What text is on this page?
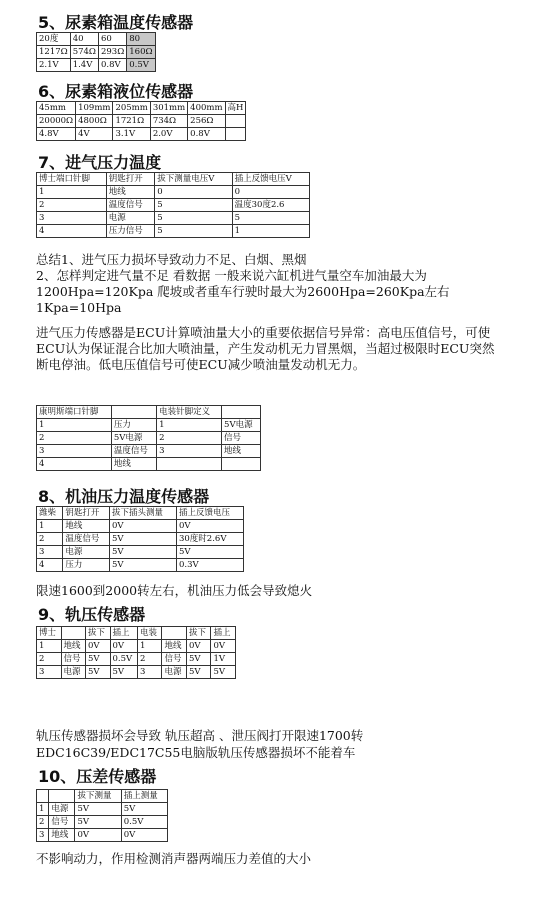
5、尿素箱温度传感器
20度	40	60	80
1217Ω	574Ω	293Ω	160Ω
2.1V	1.4V	0.8V	0.5V
6、尿素箱液位传感器
45mm	109mm	205mm	301mm	400mm	高H
20000Ω	4800Ω	1721Ω	734Ω	256Ω	
4.8V	4V	3.1V	2.0V	0.8V	
7、进气压力温度
博士端口针脚	钥匙打开	拔下测量电压V	插上反馈电压V
1	地线	0	0
2	温度信号	5	温度30度2.6
3	电源	5	5
4	压力信号	5	1
总结1、进气压力损坏导致动力不足、白烟、黑烟
2、怎样判定进气量不足 看数据 一般来说六缸机进气量空车加油最大为1200Hpa=120Kpa 爬坡或者重车行驶时最大为2600Hpa=260Kpa左右 1Kpa=10Hpa
进气压力传感器是ECU计算喷油量大小的重要依据信号异常：高电压值信号，可使ECU认为保证混合比加大喷油量，产生发动机无力冒黑烟，当超过极限时ECU突然断电停油。低电压值信号可使ECU减少喷油量发动机无力。
康明斯端口针脚		电装针脚定义	
1	压力	1	5V电源
2	5V电源	2	信号
3	温度信号	3	地线
4	地线		
8、机油压力温度传感器
潍柴	钥匙打开	拔下插头测量	插上反馈电压
1	地线	0V	0V
2	温度信号	5V	30度时2.6V
3	电源	5V	5V
4	压力	5V	0.3V
限速1600到2000转左右，机油压力低会导致熄火
9、轨压传感器
博士		拔下	插上	电装		拔下	插上
1	地线	0V	0V	1	地线	0V	0V
2	信号	5V	0.5V	2	信号	5V	1V
3	电源	5V	5V	3	电源	5V	5V
轨压传感器损坏会导致 轨压超高 、泄压阀打开限速1700转
EDC16C39/EDC17C55电脑版轨压传感器损坏不能着车
10、压差传感器
		拔下测量	插上测量
1	电源	5V	5V
2	信号	5V	0.5V
3	地线	0V	0V
不影响动力，作用检测消声器两端压力差值的大小
